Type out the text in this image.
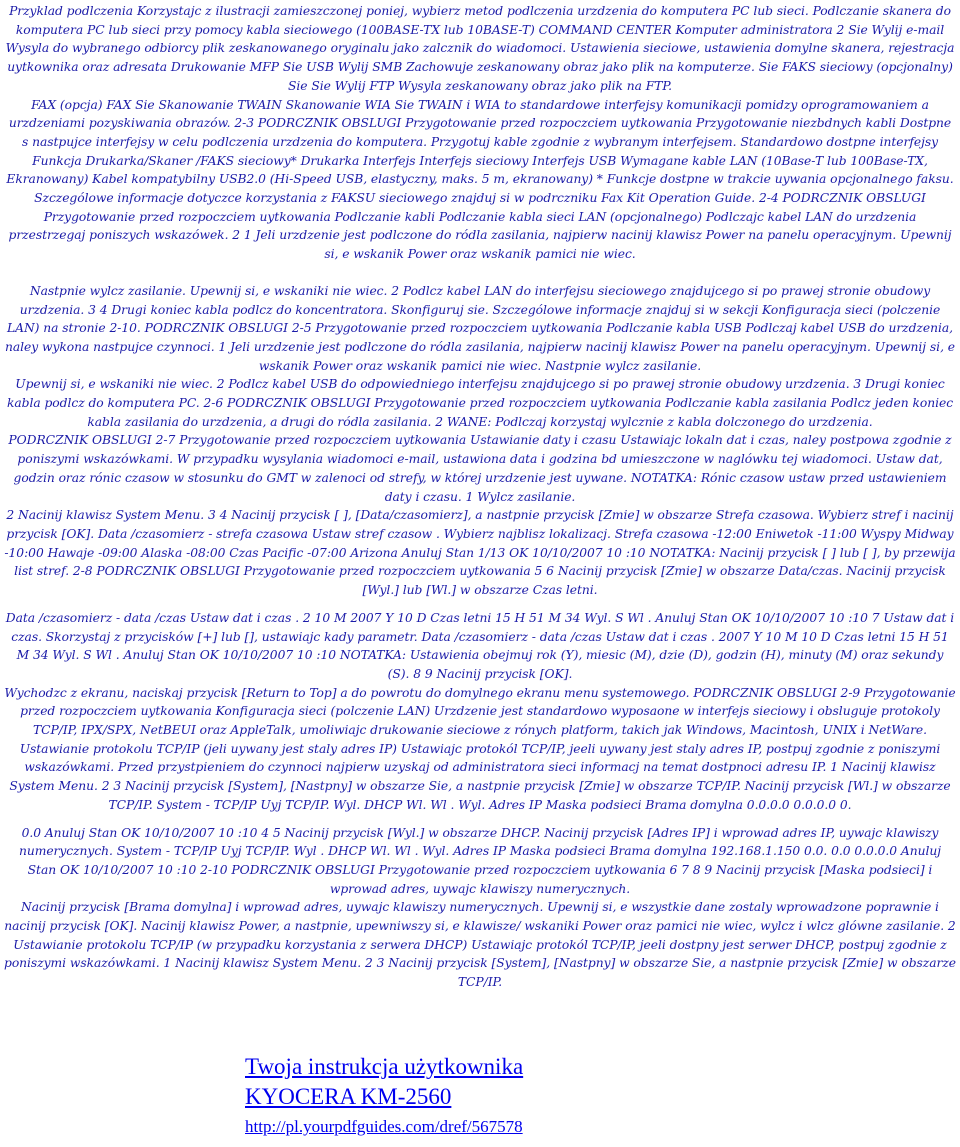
Przyklad podlczenia Korzystajc z ilustracji zamieszczonej poniej, wybierz metod podlczenia urzdzenia do komputera PC lub sieci. Podlczanie skanera do komputera PC lub sieci przy pomocy kabla sieciowego (100BASE-TX lub 10BASE-T) COMMAND CENTER Komputer administratora 2 Sie Wylij e-mail Wysyla do wybranego odbiorcy plik zeskanowanego oryginalu jako zalcznik do wiadomoci. Ustawienia sieciowe, ustawienia domylne skanera, rejestracja uytkownika oraz adresata Drukowanie MFP Sie USB Wylij SMB Zachowuje zeskanowany obraz jako plik na komputerze. Sie FAKS sieciowy (opcjonalny) Sie Sie Wylij FTP Wysyla zeskanowany obraz jako plik na FTP.

FAX (opcja) FAX Sie Skanowanie TWAIN Skanowanie WIA Sie TWAIN i WIA to standardowe interfejsy komunikacji pomidzy oprogramowaniem a urzdzeniami pozyskiwania obrazów. 2-3 PODRCZNIK OBSLUGI Przygotowanie przed rozpoczciem uytkowania Przygotowanie niezbdnych kabli Dostpne s nastpujce interfejsy w celu podlczenia urzdzenia do komputera. Przygotuj kable zgodnie z wybranym interfejsem. Standardowo dostpne interfejsy Funkcja Drukarka/Skaner /FAKS sieciowy* Drukarka Interfejs Interfejs sieciowy Interfejs USB Wymagane kable LAN (10Base-T lub 100Base-TX, Ekranowany) Kabel kompatybilny USB2.0 (Hi-Speed USB, elastyczny, maks. 5 m, ekranowany) * Funkcje dostpne w trakcie uywania opcjonalnego faksu. Szczególowe informacje dotyczce korzystania z FAKSU sieciowego znajduj si w podrczniku Fax Kit Operation Guide. 2-4 PODRCZNIK OBSLUGI Przygotowanie przed rozpoczciem uytkowania Podlczanie kabli Podlczanie kabla sieci LAN (opcjonalnego) Podlczajc kabel LAN do urzdzenia przestrzegaj poniszych wskazówek. 2 1 Jeli urzdzenie jest podlczone do ródla zasilania, najpierw nacinij klawisz Power na panelu operacyjnym. Upewnij si, e wskanik Power oraz wskanik pamici nie wiec.

Nastpnie wylcz zasilanie. Upewnij si, e wskaniki nie wiec. 2 Podlcz kabel LAN do interfejsu sieciowego znajdujcego si po prawej stronie obudowy urzdzenia. 3 4 Drugi koniec kabla podlcz do koncentratora. Skonfiguruj sie. Szczególowe informacje znajduj si w sekcji Konfiguracja sieci (polczenie LAN) na stronie 2-10. PODRCZNIK OBSLUGI 2-5 Przygotowanie przed rozpoczciem uytkowania Podlczanie kabla USB Podlczaj kabel USB do urzdzenia, naley wykona nastpujce czynnoci. 1 Jeli urzdzenie jest podlczone do ródla zasilania, najpierw nacinij klawisz Power na panelu operacyjnym. Upewnij si, e wskanik Power oraz wskanik pamici nie wiec. Nastpnie wylcz zasilanie.

Upewnij si, e wskaniki nie wiec. 2 Podlcz kabel USB do odpowiedniego interfejsu znajdujcego si po prawej stronie obudowy urzdzenia. 3 Drugi koniec kabla podlcz do komputera PC. 2-6 PODRCZNIK OBSLUGI Przygotowanie przed rozpoczciem uytkowania Podlczanie kabla zasilania Podlcz jeden koniec kabla zasilania do urzdzenia, a drugi do ródla zasilania. 2 WANE: Podlczaj korzystaj wylcznie z kabla dolczonego do urzdzenia.

PODRCZNIK OBSLUGI 2-7 Przygotowanie przed rozpoczciem uytkowania Ustawianie daty i czasu Ustawiajc lokaln dat i czas, naley postpowa zgodnie z poniszymi wskazówkami. W przypadku wysylania wiadomoci e-mail, ustawiona data i godzina bd umieszczone w naglówku tej wiadomoci. Ustaw dat, godzin oraz rónic czasow w stosunku do GMT w zalenoci od strefy, w której urzdzenie jest uywane. NOTATKA: Rónic czasow ustaw przed ustawieniem daty i czasu. 1 Wylcz zasilanie.

2 Nacinij klawisz System Menu. 3 4 Nacinij przycisk [ ], [Data/czasomierz], a nastpnie przycisk [Zmie] w obszarze Strefa czasowa. Wybierz stref i nacinij przycisk [OK]. Data /czasomierz - strefa czasowa Ustaw stref czasow . Wybierz najblisz lokalizacj. Strefa czasowa -12:00 Eniwetok -11:00 Wyspy Midway -10:00 Hawaje -09:00 Alaska -08:00 Czas Pacific -07:00 Arizona Anuluj Stan 1/13 OK 10/10/2007 10 :10 NOTATKA: Nacinij przycisk [ ] lub [ ], by przewija list stref. 2-8 PODRCZNIK OBSLUGI Przygotowanie przed rozpoczciem uytkowania 5 6 Nacinij przycisk [Zmie] w obszarze Data/czas. Nacinij przycisk [Wyl.] lub [Wl.] w obszarze Czas letni.

Data /czasomierz - data /czas Ustaw dat i czas . 2 10 M 2007 Y 10 D Czas letni 15 H 51 M 34 Wyl. S Wl . Anuluj Stan OK 10/10/2007 10 :10 7 Ustaw dat i czas. Skorzystaj z przycisków [+] lub [], ustawiajc kady parametr. Data /czasomierz - data /czas Ustaw dat i czas . 2007 Y 10 M 10 D Czas letni 15 H 51 M 34 Wyl. S Wl . Anuluj Stan OK 10/10/2007 10 :10 NOTATKA: Ustawienia obejmuj rok (Y), miesic (M), dzie (D), godzin (H), minuty (M) oraz sekundy (S). 8 9 Nacinij przycisk [OK].

Wychodzc z ekranu, naciskaj przycisk [Return to Top] a do powrotu do domylnego ekranu menu systemowego. PODRCZNIK OBSLUGI 2-9 Przygotowanie przed rozpoczciem uytkowania Konfiguracja sieci (polczenie LAN) Urzdzenie jest standardowo wyposaone w interfejs sieciowy i obsluguje protokoly TCP/IP, IPX/SPX, NetBEUI oraz AppleTalk, umoliwiajc drukowanie sieciowe z rónych platform, takich jak Windows, Macintosh, UNIX i NetWare. Ustawianie protokolu TCP/IP (jeli uywany jest staly adres IP) Ustawiajc protokól TCP/IP, jeeli uywany jest staly adres IP, postpuj zgodnie z poniszymi wskazówkami. Przed przystpieniem do czynnoci najpierw uzyskaj od administratora sieci informacj na temat dostpnoci adresu IP. 1 Nacinij klawisz System Menu. 2 3 Nacinij przycisk [System], [Nastpny] w obszarze Sie, a nastpnie przycisk [Zmie] w obszarze TCP/IP. Nacinij przycisk [Wl.] w obszarze TCP/IP. System - TCP/IP Uyj TCP/IP. Wyl. DHCP Wl. Wl . Wyl. Adres IP Maska podsieci Brama domylna 0.0.0.0 0.0.0.0 0.

0.0 Anuluj Stan OK 10/10/2007 10 :10 4 5 Nacinij przycisk [Wyl.] w obszarze DHCP. Nacinij przycisk [Adres IP] i wprowad adres IP, uywajc klawiszy numerycznych. System - TCP/IP Uyj TCP/IP. Wyl . DHCP Wl. Wl . Wyl. Adres IP Maska podsieci Brama domylna 192.168.1.150 0.0. 0.0 0.0.0.0 Anuluj Stan OK 10/10/2007 10 :10 2-10 PODRCZNIK OBSLUGI Przygotowanie przed rozpoczciem uytkowania 6 7 8 9 Nacinij przycisk [Maska podsieci] i wprowad adres, uywajc klawiszy numerycznych.

Nacinij przycisk [Brama domylna] i wprowad adres, uywajc klawiszy numerycznych. Upewnij si, e wszystkie dane zostaly wprowadzone poprawnie i nacinij przycisk [OK]. Nacinij klawisz Power, a nastpnie, upewniwszy si, e klawisze/ wskaniki Power oraz pamici nie wiec, wylcz i wlcz glówne zasilanie. 2 Ustawianie protokolu TCP/IP (w przypadku korzystania z serwera DHCP) Ustawiajc protokól TCP/IP, jeeli dostpny jest serwer DHCP, postpuj zgodnie z poniszymi wskazówkami. 1 Nacinij klawisz System Menu. 2 3 Nacinij przycisk [System], [Nastpny] w obszarze Sie, a nastpnie przycisk [Zmie] w obszarze TCP/IP.

Twoja instrukcja użytkownika
KYOCERA KM-2560
http://pl.yourpdfguides.com/dref/567578
